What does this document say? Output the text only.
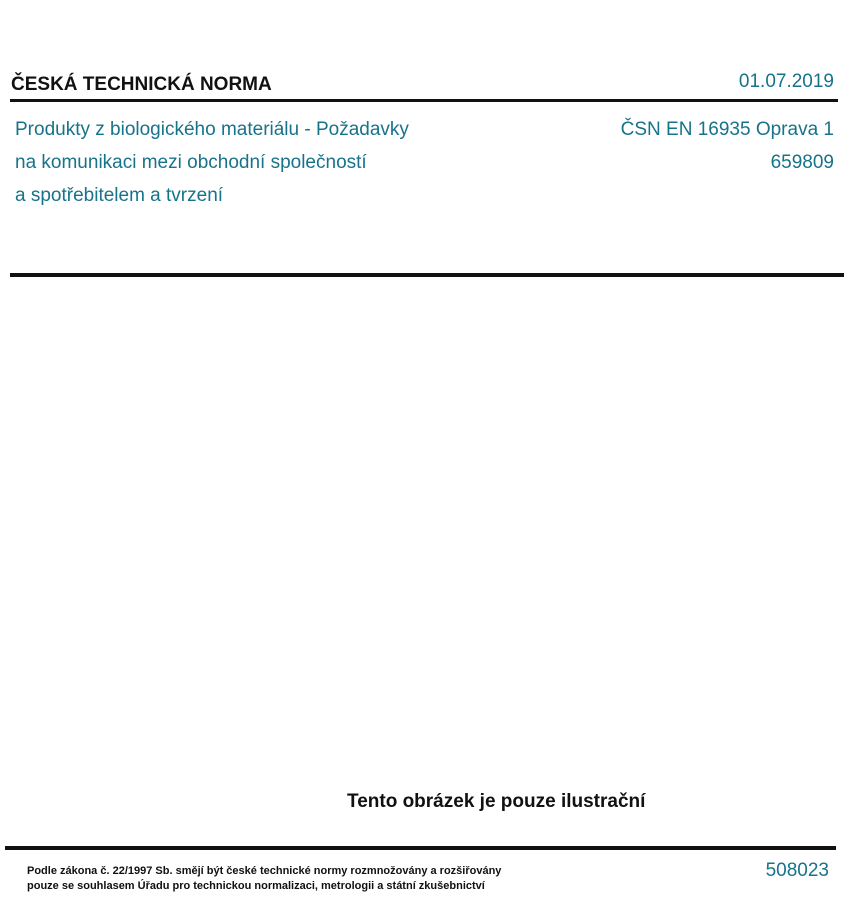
ČESKÁ TECHNICKÁ NORMA	01.07.2019
Produkty z biologického materiálu - Požadavky
na komunikaci mezi obchodní společností
a spotřebitelem a tvrzení
ČSN EN 16935 Oprava 1
659809
Tento obrázek je pouze ilustrační
Podle zákona č. 22/1997 Sb. smějí být české technické normy rozmnožovány a rozšiřovány
pouze se souhlasem Úřadu pro technickou normalizaci, metrologii a státní zkušebnictví
508023
